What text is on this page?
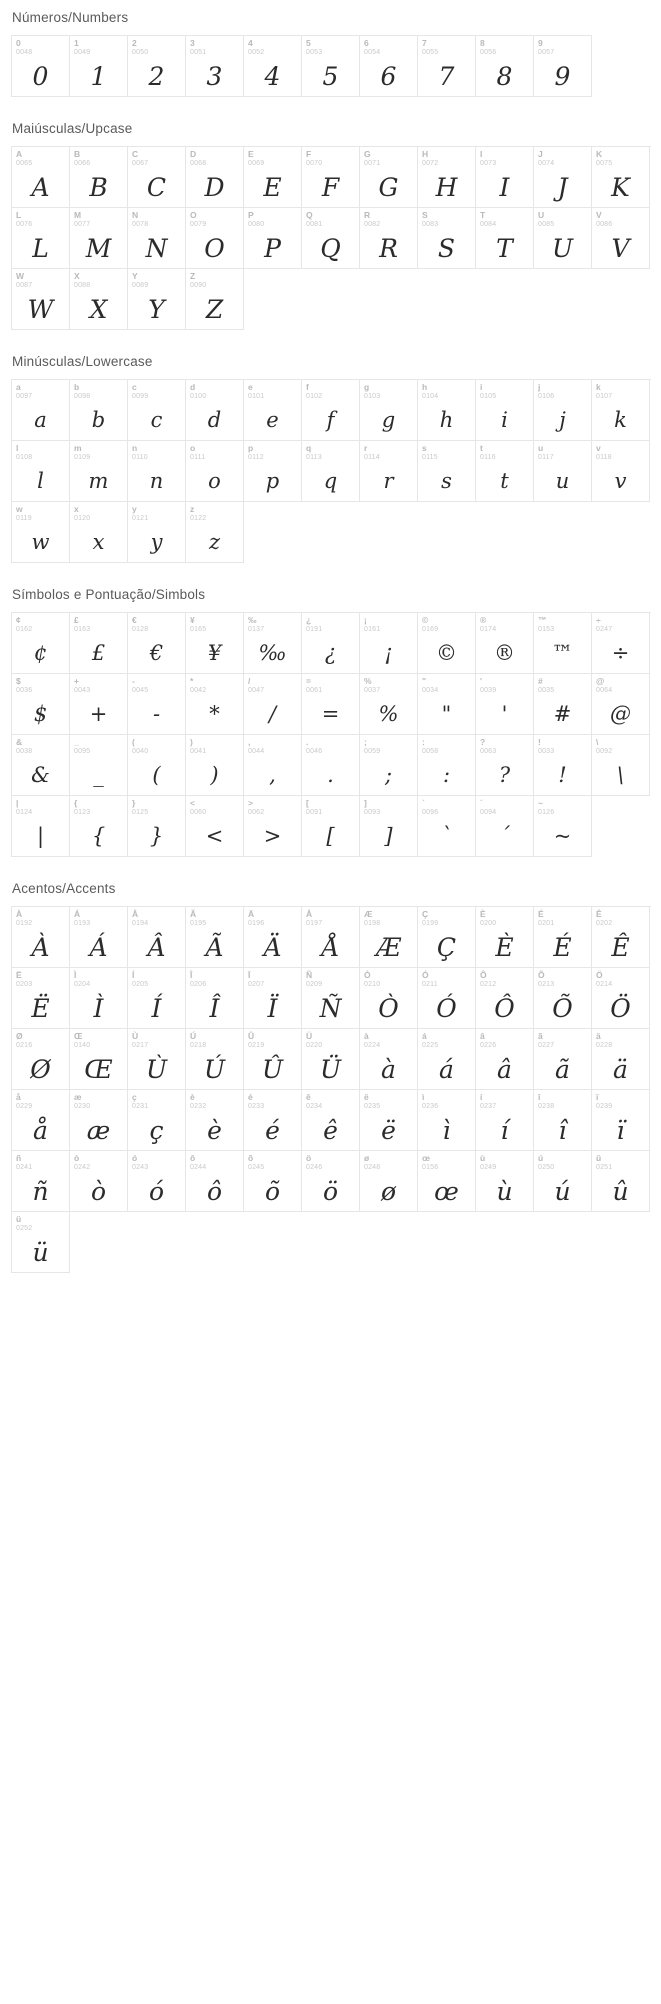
Números/Numbers
0
0048
0
1
0049
1
2
0050
2
3
0051
3
4
0052
4
5
0053
5
6
0054
6
7
0055
7
8
0056
8
9
0057
9
Maiúsculas/Upcase
A
0065
A
B
0066
B
C
0067
C
D
0068
D
E
0069
E
F
0070
F
G
0071
G
H
0072
H
I
0073
I
J
0074
J
K
0075
K
L
0076
L
M
0077
M
N
0078
N
O
0079
O
P
0080
P
Q
0081
Q
R
0082
R
S
0083
S
T
0084
T
U
0085
U
V
0086
V
W
0087
W
X
0088
X
Y
0089
Y
Z
0090
Z
Minúsculas/Lowercase
a
0097
a
b
0098
b
c
0099
c
d
0100
d
e
0101
e
f
0102
f
g
0103
g
h
0104
h
i
0105
i
j
0106
j
k
0107
k
l
0108
l
m
0109
m
n
0110
n
o
0111
o
p
0112
p
q
0113
q
r
0114
r
s
0115
s
t
0116
t
u
0117
u
v
0118
v
w
0119
w
x
0120
x
y
0121
y
z
0122
z
Símbolos e Pontuação/Simbols
¢
0162
¢
£
0163
£
€
0128
€
¥
0165
¥
‰
0137
‰
¿
0191
¿
¡
0161
¡
©
0169
©
®
0174
®
™
0153
™
÷
0247
÷
$
0036
$
+
0043
+
-
0045
-
*
0042
*
/
0047
/
=
0061
=
%
0037
%
"
0034
"
'
0039
'
#
0035
#
@
0064
@
&
0038
&
_
0095
_
(
0040
(
)
0041
)
,
0044
,
.
0046
.
;
0059
;
:
0058
:
?
0063
?
!
0033
!
\
0092
\
|
0124
|
{
0123
{
}
0125
}
<
0060
<
>
0062
>
[
0091
[
]
0093
]
`
0096
`
´
0094
´
~
0126
~
Acentos/Accents
À
0192
À
Á
0193
Á
Â
0194
Â
Ã
0195
Ã
Ä
0196
Ä
Å
0197
Å
Æ
0198
Æ
Ç
0199
Ç
È
0200
È
É
0201
É
Ê
0202
Ê
Ë
0203
Ë
Ì
0204
Ì
Í
0205
Í
Î
0206
Î
Ï
0207
Ï
Ñ
0209
Ñ
Ò
0210
Ò
Ó
0211
Ó
Ô
0212
Ô
Õ
0213
Õ
Ö
0214
Ö
Ø
0216
Ø
Œ
0140
Œ
Ù
0217
Ù
Ú
0218
Ú
Û
0219
Û
Ü
0220
Ü
à
0224
à
á
0225
á
â
0226
â
ã
0227
ã
ä
0228
ä
å
0229
å
æ
0230
æ
ç
0231
ç
è
0232
è
é
0233
é
ê
0234
ê
ë
0235
ë
ì
0236
ì
í
0237
í
î
0238
î
ï
0239
ï
ñ
0241
ñ
ò
0242
ò
ó
0243
ó
ô
0244
ô
õ
0245
õ
ö
0246
ö
ø
0248
ø
œ
0156
œ
ù
0249
ù
ú
0250
ú
û
0251
û
ü
0252
ü
